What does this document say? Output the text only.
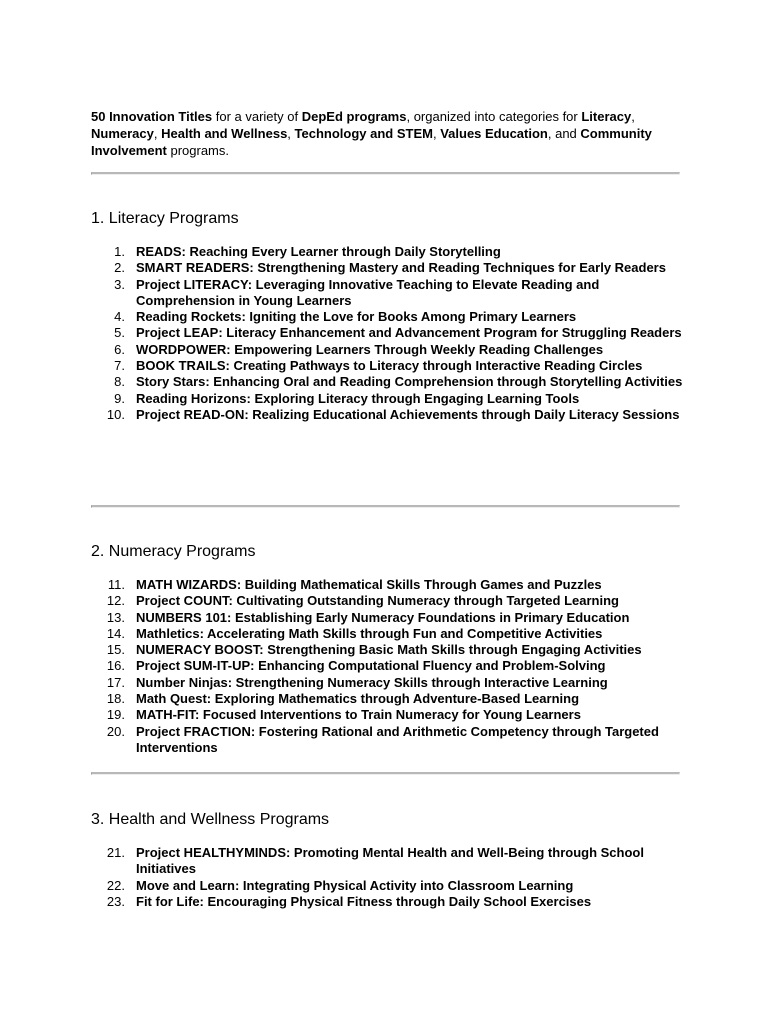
50 Innovation Titles for a variety of DepEd programs, organized into categories for Literacy, Numeracy, Health and Wellness, Technology and STEM, Values Education, and Community Involvement programs.

1. Literacy Programs
1. READS: Reaching Every Learner through Daily Storytelling
2. SMART READERS: Strengthening Mastery and Reading Techniques for Early Readers
3. Project LITERACY: Leveraging Innovative Teaching to Elevate Reading and Comprehension in Young Learners
4. Reading Rockets: Igniting the Love for Books Among Primary Learners
5. Project LEAP: Literacy Enhancement and Advancement Program for Struggling Readers
6. WORDPOWER: Empowering Learners Through Weekly Reading Challenges
7. BOOK TRAILS: Creating Pathways to Literacy through Interactive Reading Circles
8. Story Stars: Enhancing Oral and Reading Comprehension through Storytelling Activities
9. Reading Horizons: Exploring Literacy through Engaging Learning Tools
10. Project READ-ON: Realizing Educational Achievements through Daily Literacy Sessions
2. Numeracy Programs
11. MATH WIZARDS: Building Mathematical Skills Through Games and Puzzles
12. Project COUNT: Cultivating Outstanding Numeracy through Targeted Learning
13. NUMBERS 101: Establishing Early Numeracy Foundations in Primary Education
14. Mathletics: Accelerating Math Skills through Fun and Competitive Activities
15. NUMERACY BOOST: Strengthening Basic Math Skills through Engaging Activities
16. Project SUM-IT-UP: Enhancing Computational Fluency and Problem-Solving
17. Number Ninjas: Strengthening Numeracy Skills through Interactive Learning
18. Math Quest: Exploring Mathematics through Adventure-Based Learning
19. MATH-FIT: Focused Interventions to Train Numeracy for Young Learners
20. Project FRACTION: Fostering Rational and Arithmetic Competency through Targeted Interventions
3. Health and Wellness Programs
21. Project HEALTHYMINDS: Promoting Mental Health and Well-Being through School Initiatives
22. Move and Learn: Integrating Physical Activity into Classroom Learning
23. Fit for Life: Encouraging Physical Fitness through Daily School Exercises
